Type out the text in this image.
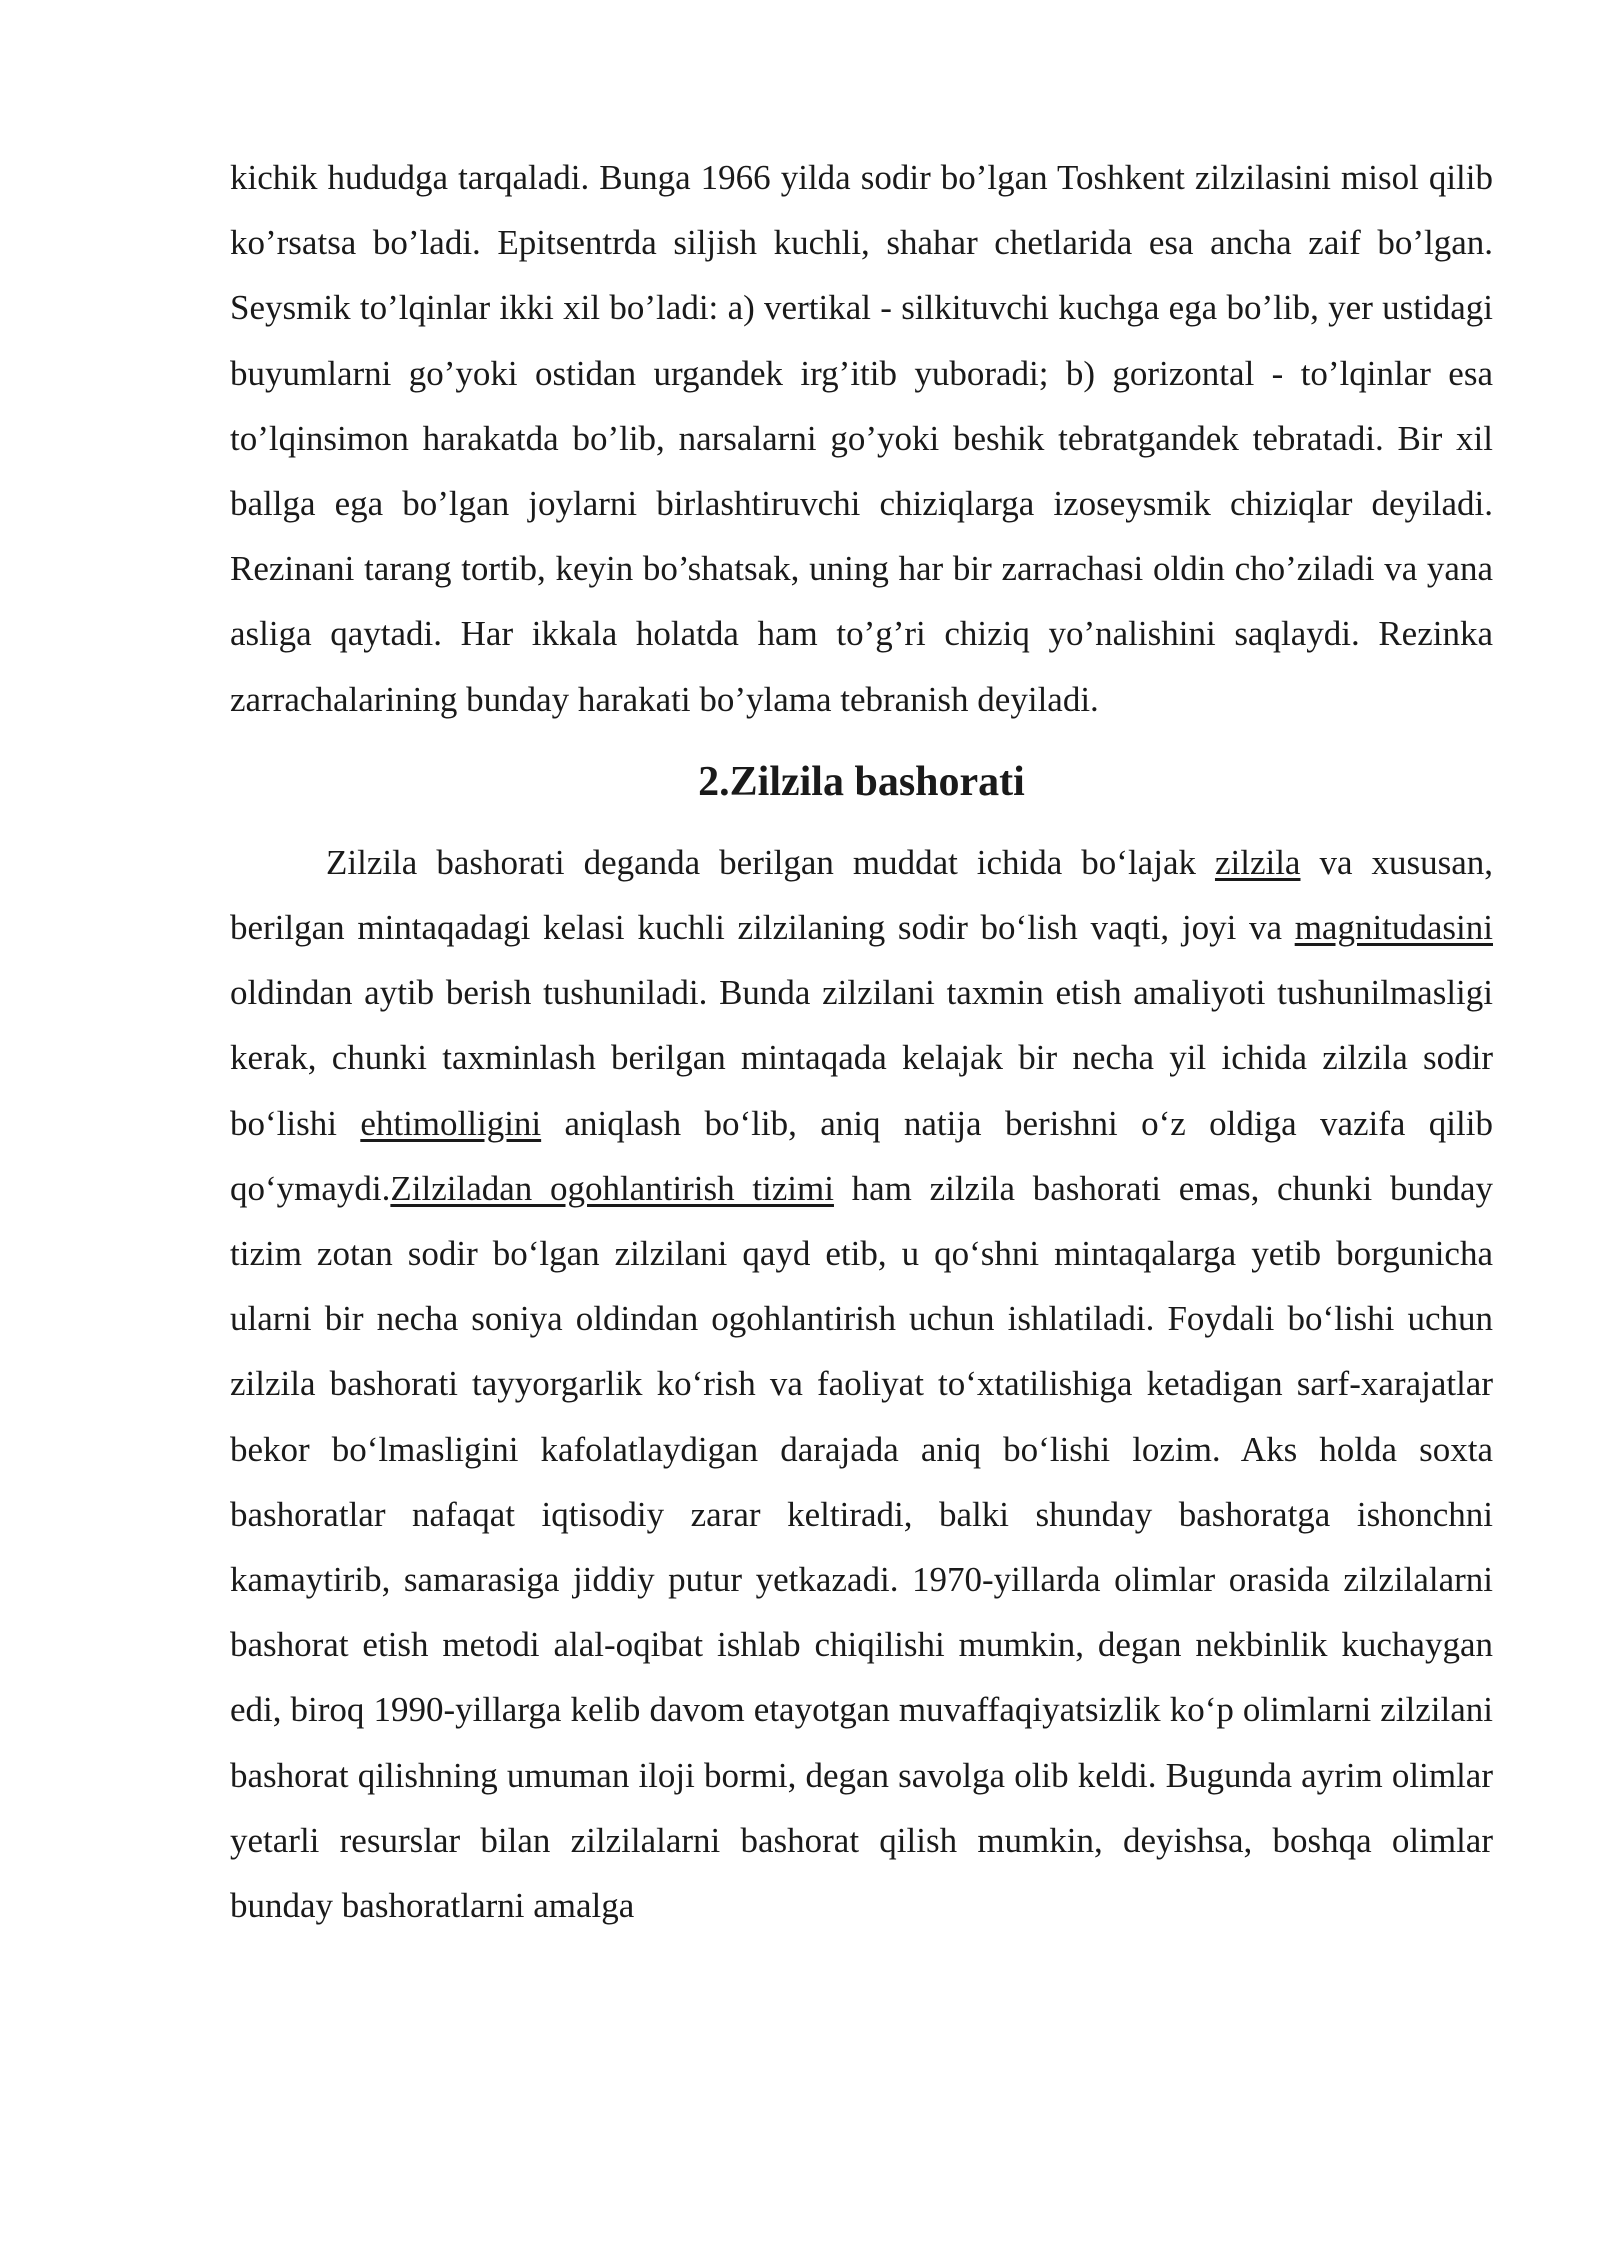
kichik hududga tarqaladi. Bunga 1966 yilda sodir bo’lgan Toshkent zilzilasini misol qilib ko’rsatsa bo’ladi. Epitsentrda siljish kuchli, shahar chetlarida esa ancha zaif bo’lgan. Seysmik to’lqinlar ikki xil bo’ladi: a) vertikal - silkituvchi kuchga ega bo’lib, yer ustidagi buyumlarni go’yoki ostidan urgandek irg’itib yuboradi; b) gorizontal - to’lqinlar esa to’lqinsimon harakatda bo’lib, narsalarni go’yoki beshik tebratgandek tebratadi. Bir xil ballga ega bo’lgan joylarni birlashtiruvchi chiziqlarga izoseysmik chiziqlar deyiladi. Rezinani tarang tortib, keyin bo’shatsak, uning har bir zarrachasi oldin cho’ziladi va yana asliga qaytadi. Har ikkala holatda ham to’g’ri chiziq yo’nalishini saqlaydi. Rezinka zarrachalarining bunday harakati bo’ylama tebranish deyiladi.

2.Zilzila bashorati

Zilzila bashorati deganda berilgan muddat ichida bo‘lajak zilzila va xususan, berilgan mintaqadagi kelasi kuchli zilzilaning sodir bo‘lish vaqti, joyi va magnitudasini oldindan aytib berish tushuniladi. Bunda zilzilani taxmin etish amaliyoti tushunilmasligi kerak, chunki taxminlash berilgan mintaqada kelajak bir necha yil ichida zilzila sodir bo‘lishi ehtimolligini aniqlash bo‘lib, aniq natija berishni o‘z oldiga vazifa qilib qo‘ymaydi.Zilziladan ogohlantirish tizimi ham zilzila bashorati emas, chunki bunday tizim zotan sodir bo‘lgan zilzilani qayd etib, u qo‘shni mintaqalarga yetib borgunicha ularni bir necha soniya oldindan ogohlantirish uchun ishlatiladi. Foydali bo‘lishi uchun zilzila bashorati tayyorgarlik ko‘rish va faoliyat to‘xtatilishiga ketadigan sarf-xarajatlar bekor bo‘lmasligini kafolatlaydigan darajada aniq bo‘lishi lozim. Aks holda soxta bashoratlar nafaqat iqtisodiy zarar keltiradi, balki shunday bashoratga ishonchni kamaytirib, samarasiga jiddiy putur yetkazadi. 1970-yillarda olimlar orasida zilzilalarni bashorat etish metodi alal-oqibat ishlab chiqilishi mumkin, degan nekbinlik kuchaygan edi, biroq 1990-yillarga kelib davom etayotgan muvaffaqiyatsizlik ko‘p olimlarni zilzilani bashorat qilishning umuman iloji bormi, degan savolga olib keldi. Bugunda ayrim olimlar yetarli resurslar bilan zilzilalarni bashorat qilish mumkin, deyishsa, boshqa olimlar bunday bashoratlarni amalga
